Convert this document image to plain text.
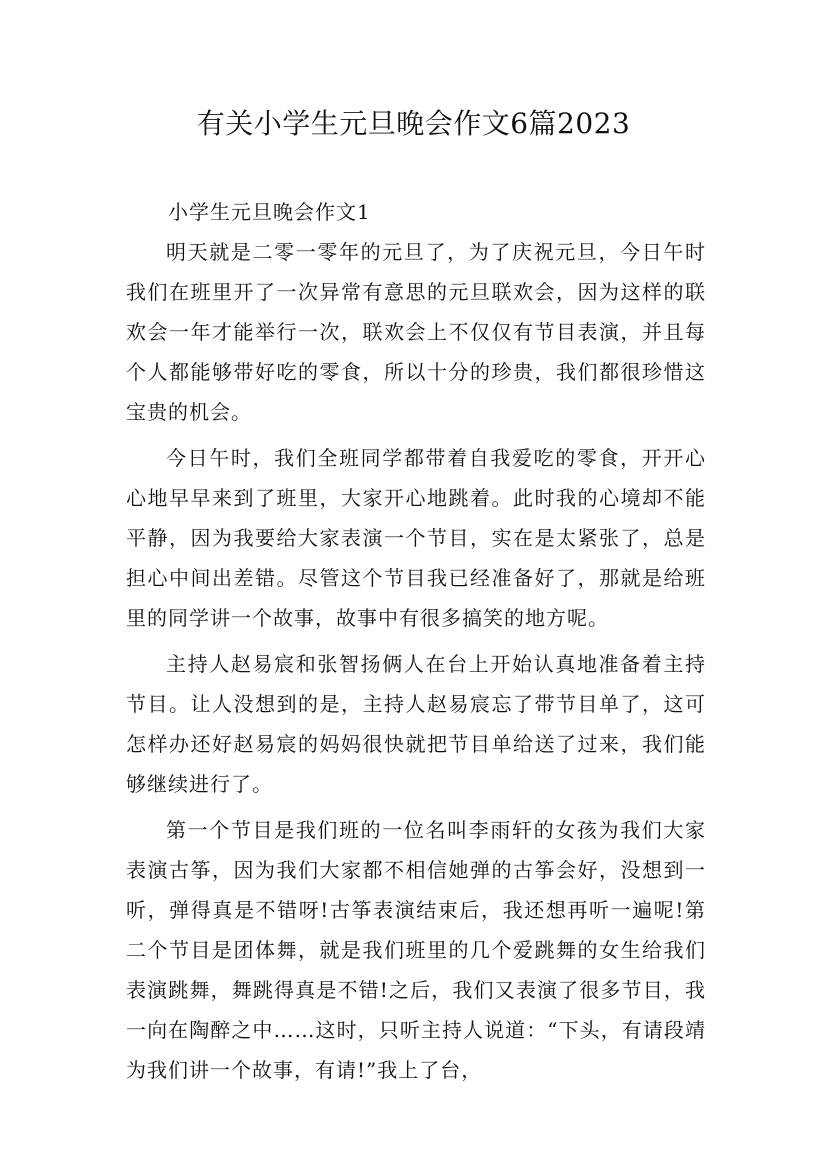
有关小学生元旦晚会作文6篇2023

小学生元旦晚会作文1

明天就是二零一零年的元旦了，为了庆祝元旦，今日午时我们在班里开了一次异常有意思的元旦联欢会，因为这样的联欢会一年才能举行一次，联欢会上不仅仅有节目表演，并且每个人都能够带好吃的零食，所以十分的珍贵，我们都很珍惜这宝贵的机会。

今日午时，我们全班同学都带着自我爱吃的零食，开开心心地早早来到了班里，大家开心地跳着。此时我的心境却不能平静，因为我要给大家表演一个节目，实在是太紧张了，总是担心中间出差错。尽管这个节目我已经准备好了，那就是给班里的同学讲一个故事，故事中有很多搞笑的地方呢。

主持人赵易宸和张智扬俩人在台上开始认真地准备着主持节目。让人没想到的是，主持人赵易宸忘了带节目单了，这可怎样办还好赵易宸的妈妈很快就把节目单给送了过来，我们能够继续进行了。

第一个节目是我们班的一位名叫李雨轩的女孩为我们大家表演古筝，因为我们大家都不相信她弹的古筝会好，没想到一听，弹得真是不错呀!古筝表演结束后，我还想再听一遍呢!第二个节目是团体舞，就是我们班里的几个爱跳舞的女生给我们表演跳舞，舞跳得真是不错!之后，我们又表演了很多节目，我一向在陶醉之中……这时，只听主持人说道：“下头，有请段靖为我们讲一个故事，有请!”我上了台，
